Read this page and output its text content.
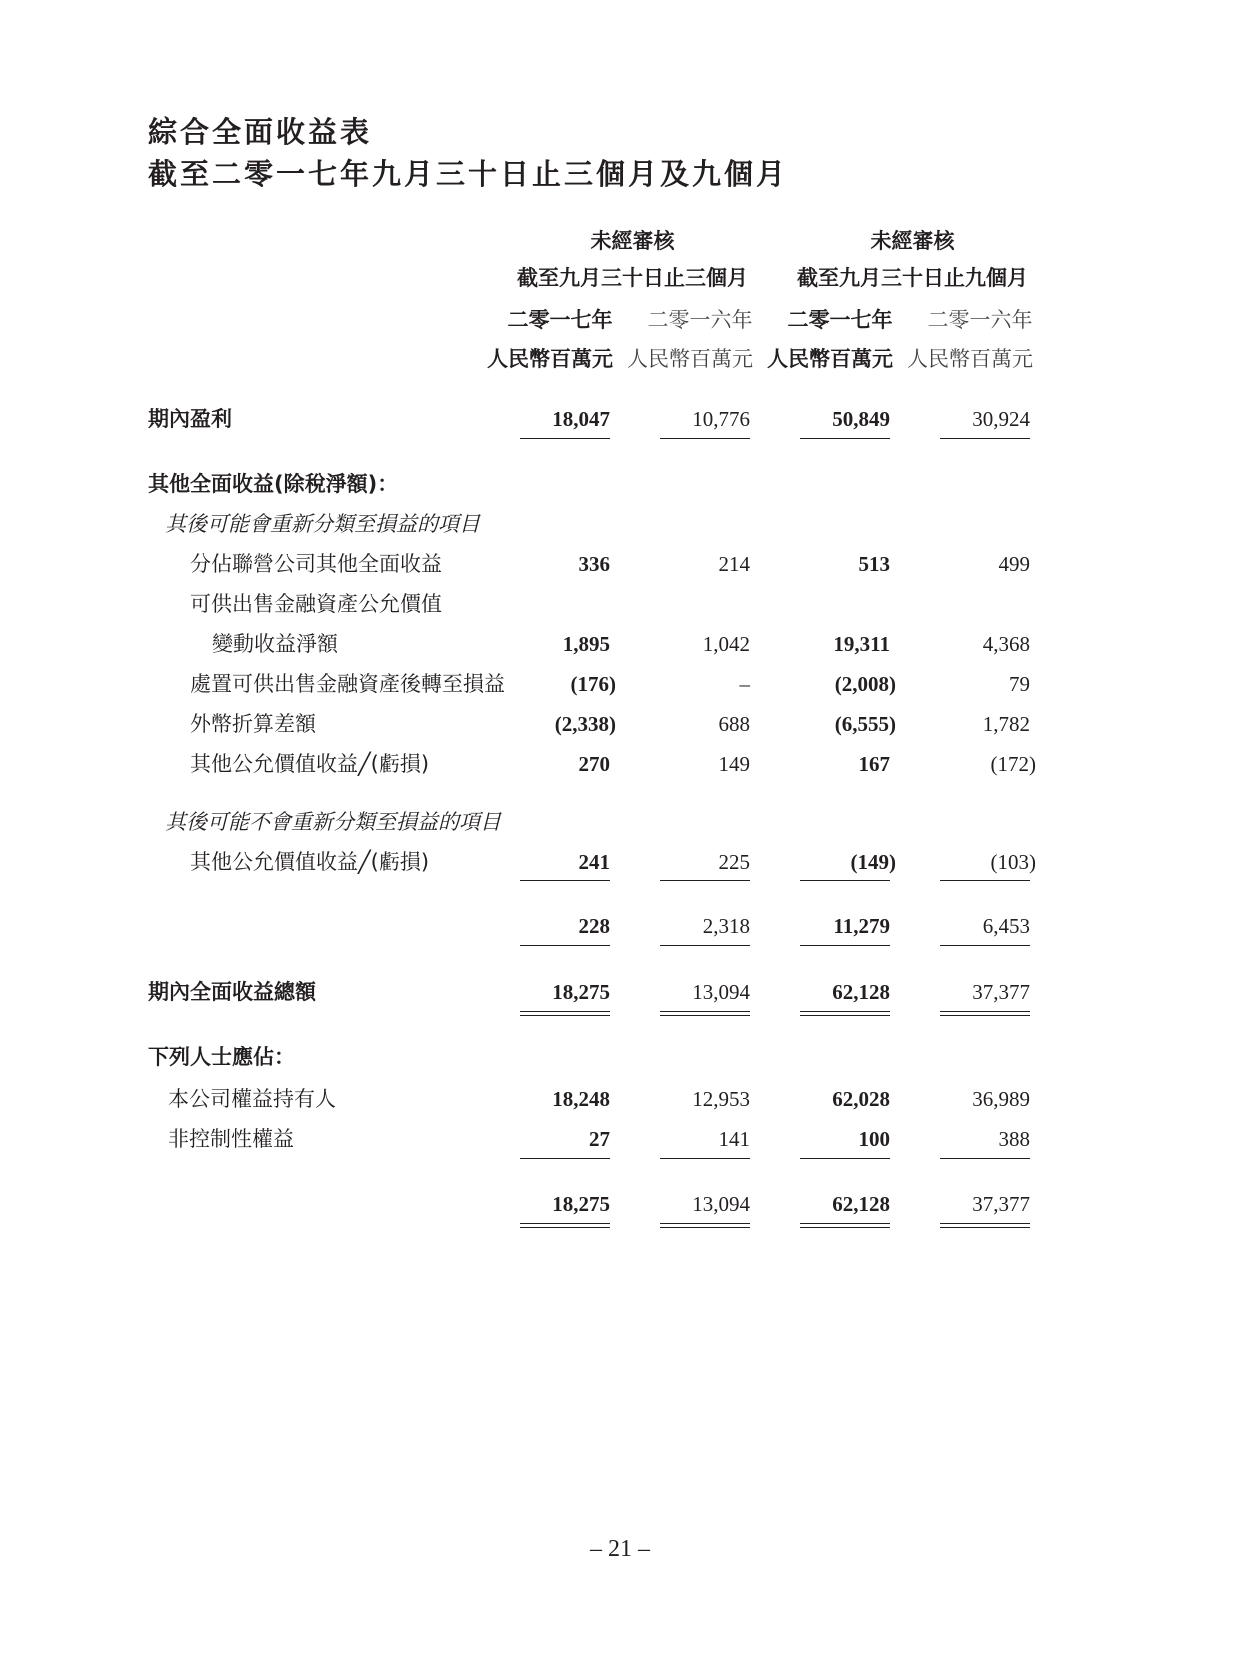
綜合全面收益表
截至二零一七年九月三十日止三個月及九個月
未經審核	未經審核
截至九月三十日止三個月	截至九月三十日止九個月
二零一七年 二零一六年 二零一七年 二零一六年
人民幣百萬元 人民幣百萬元 人民幣百萬元 人民幣百萬元
期內盈利	18,047	10,776	50,849	30,924
其他全面收益(除稅淨額)：
其後可能會重新分類至損益的項目
分佔聯營公司其他全面收益	336	214	513	499
可供出售金融資產公允價值
變動收益淨額	1,895	1,042	19,311	4,368
處置可供出售金融資產後轉至損益	(176)	–	(2,008)	79
外幣折算差額	(2,338)	688	(6,555)	1,782
其他公允價值收益╱(虧損)	270	149	167	(172)
其後可能不會重新分類至損益的項目
其他公允價值收益╱(虧損)	241	225	(149)	(103)
228	2,318	11,279	6,453
期內全面收益總額	18,275	13,094	62,128	37,377
下列人士應佔：
本公司權益持有人	18,248	12,953	62,028	36,989
非控制性權益	27	141	100	388
18,275	13,094	62,128	37,377
– 21 –
